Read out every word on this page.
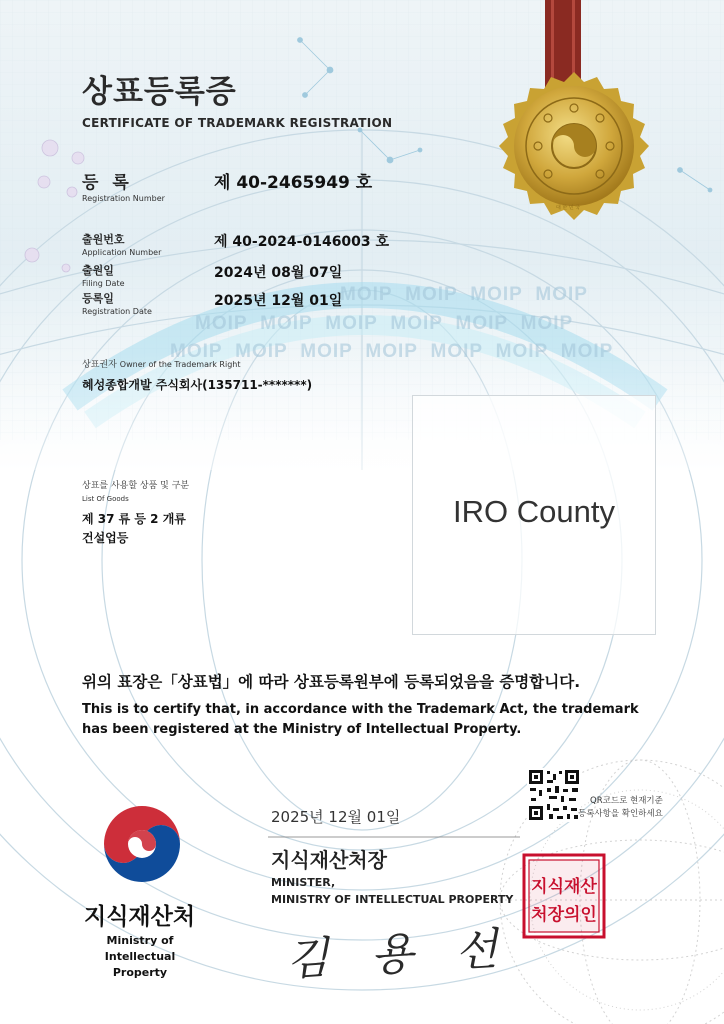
MOIP MOIP MOIP MOIP
MOIP MOIP MOIP MOIP MOIP MOIP
MOIP MOIP MOIP MOIP MOIP MOIP MOIP
상표등록증
CERTIFICATE OF TRADEMARK REGISTRATION
등 록
Registration Number
제 40-2465949 호
출원번호
Application Number
제 40-2024-0146003 호
출원일
Filing Date
2024년 08월 07일
등록일
Registration Date
2025년 12월 01일
상표권자 Owner of the Trademark Right
혜성종합개발 주식회사(135711-*******)
상표를 사용할 상품 및 구분
List Of Goods
제 37 류 등 2 개류
건설업등
IRO County
위의 표장은「상표법」에 따라 상표등록원부에 등록되었음을 증명합니다.
This is to certify that, in accordance with the Trademark Act, the trademark
has been registered at the Ministry of Intellectual Property.
QR코드로 현재기준
등록사항을 확인하세요
2025년 12월 01일
지식재산처장
MINISTER,
MINISTRY OF INTELLECTUAL PROPERTY
김 용 선
지식재산
처장의인
지식재산처
Ministry of
Intellectual Property
대 한 민 국
